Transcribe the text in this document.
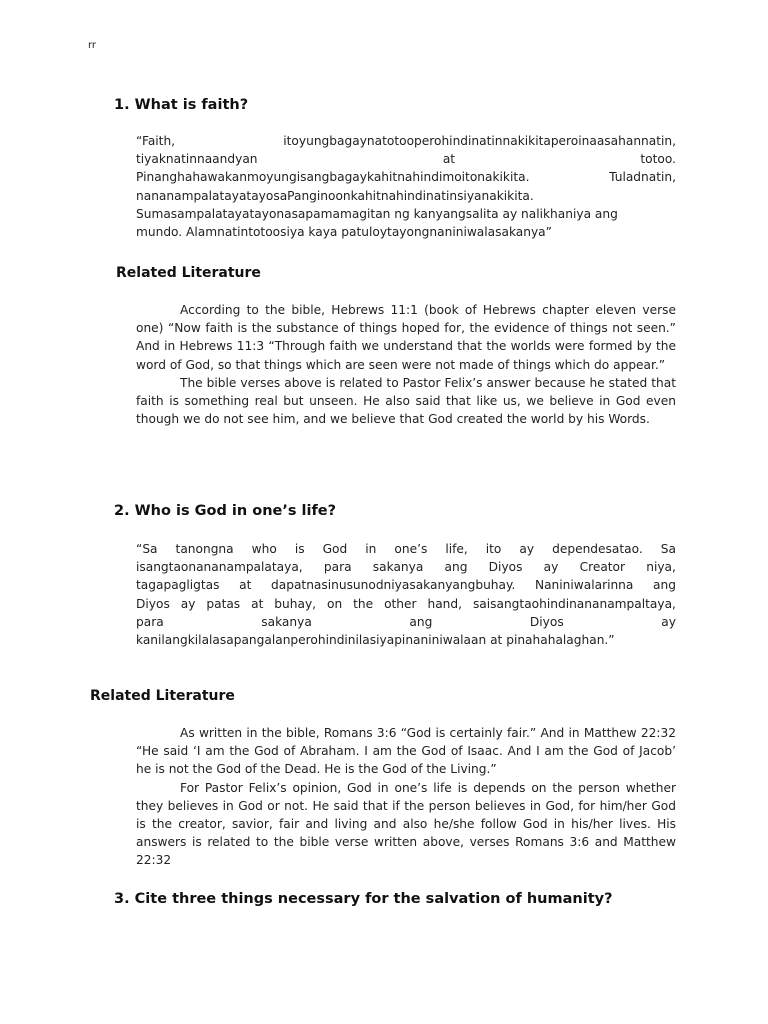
rr
1. What is faith?
“Faith,	itoyungbagaynatotooperohindinatinnakikitaperoinaasahannatin,
tiyaknatinnaandyan	at	totoo.
Pinanghahawakanmoyungisangbagaykahitnahindimoitonakikita.	Tuladnatin,
nananampalatayatayosaPanginoonkahitnahindinatinsiyanakikita.
Sumasampalatayatayonasapamamagitan ng kanyangsalita ay nalikhaniya ang
mundo. Alamnatintotoosiya kaya patuloytayongnaniniwalasakanya”
Related Literature
According to the bible, Hebrews 11:1 (book of Hebrews chapter eleven verse one) “Now faith is the substance of things hoped for, the evidence of things not seen.” And in Hebrews 11:3 “Through faith we understand that the worlds were formed by the word of God, so that things which are seen were not made of things which do appear.”
The bible verses above is related to Pastor Felix’s answer because he stated that faith is something real but unseen. He also said that like us, we believe in God even though we do not see him, and we believe that God created the world by his Words.
2. Who is God in one’s life?
“Sa tanongna who is God in one’s life, ito ay dependesatao. Sa
isangtaonananampalataya, para sakanya ang Diyos ay Creator niya,
tagapagligtas at dapatnasinusunodniyasakanyangbuhay. Naniniwalarinna ang
Diyos ay patas at buhay, on the other hand, saisangtaohindinananampaltaya,
para	sakanya	ang	Diyos	ay
kanilangkilalasapangalanperohindinilasiyapinaniniwalaan at pinahahalaghan.”
Related Literature
As written in the bible, Romans 3:6 “God is certainly fair.” And in Matthew 22:32 “He said ‘I am the God of Abraham. I am the God of Isaac. And I am the God of Jacob’ he is not the God of the Dead. He is the God of the Living.”
For Pastor Felix’s opinion, God in one’s life is depends on the person whether they believes in God or not. He said that if the person believes in God, for him/her God is the creator, savior, fair and living and also he/she follow God in his/her lives. His answers is related to the bible verse written above, verses Romans 3:6 and Matthew 22:32
3. Cite three things necessary for the salvation of humanity?
